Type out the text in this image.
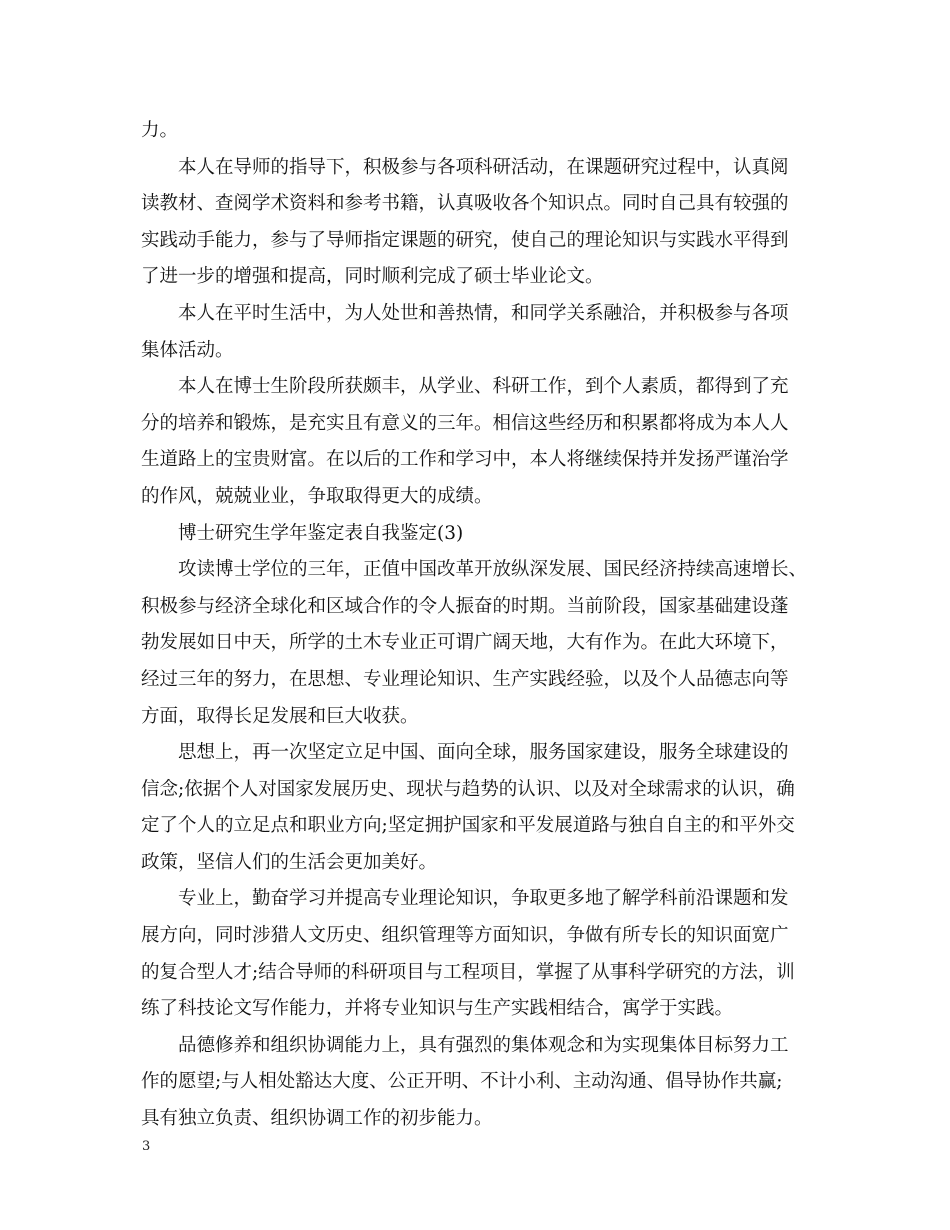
力。
本人在导师的指导下，积极参与各项科研活动，在课题研究过程中，认真阅
读教材、查阅学术资料和参考书籍，认真吸收各个知识点。同时自己具有较强的
实践动手能力，参与了导师指定课题的研究，使自己的理论知识与实践水平得到
了进一步的增强和提高，同时顺利完成了硕士毕业论文。
本人在平时生活中，为人处世和善热情，和同学关系融洽，并积极参与各项
集体活动。
本人在博士生阶段所获颇丰，从学业、科研工作，到个人素质，都得到了充
分的培养和锻炼，是充实且有意义的三年。相信这些经历和积累都将成为本人人
生道路上的宝贵财富。在以后的工作和学习中，本人将继续保持并发扬严谨治学
的作风，兢兢业业，争取取得更大的成绩。
博士研究生学年鉴定表自我鉴定(3)
攻读博士学位的三年，正值中国改革开放纵深发展、国民经济持续高速增长、
积极参与经济全球化和区域合作的令人振奋的时期。当前阶段，国家基础建设蓬
勃发展如日中天，所学的土木专业正可谓广阔天地，大有作为。在此大环境下，
经过三年的努力，在思想、专业理论知识、生产实践经验，以及个人品德志向等
方面，取得长足发展和巨大收获。
思想上，再一次坚定立足中国、面向全球，服务国家建设，服务全球建设的
信念;依据个人对国家发展历史、现状与趋势的认识、以及对全球需求的认识，确
定了个人的立足点和职业方向;坚定拥护国家和平发展道路与独自自主的和平外交
政策，坚信人们的生活会更加美好。
专业上，勤奋学习并提高专业理论知识，争取更多地了解学科前沿课题和发
展方向，同时涉猎人文历史、组织管理等方面知识，争做有所专长的知识面宽广
的复合型人才;结合导师的科研项目与工程项目，掌握了从事科学研究的方法，训
练了科技论文写作能力，并将专业知识与生产实践相结合，寓学于实践。
品德修养和组织协调能力上，具有强烈的集体观念和为实现集体目标努力工
作的愿望;与人相处豁达大度、公正开明、不计小利、主动沟通、倡导协作共赢;
具有独立负责、组织协调工作的初步能力。
3
